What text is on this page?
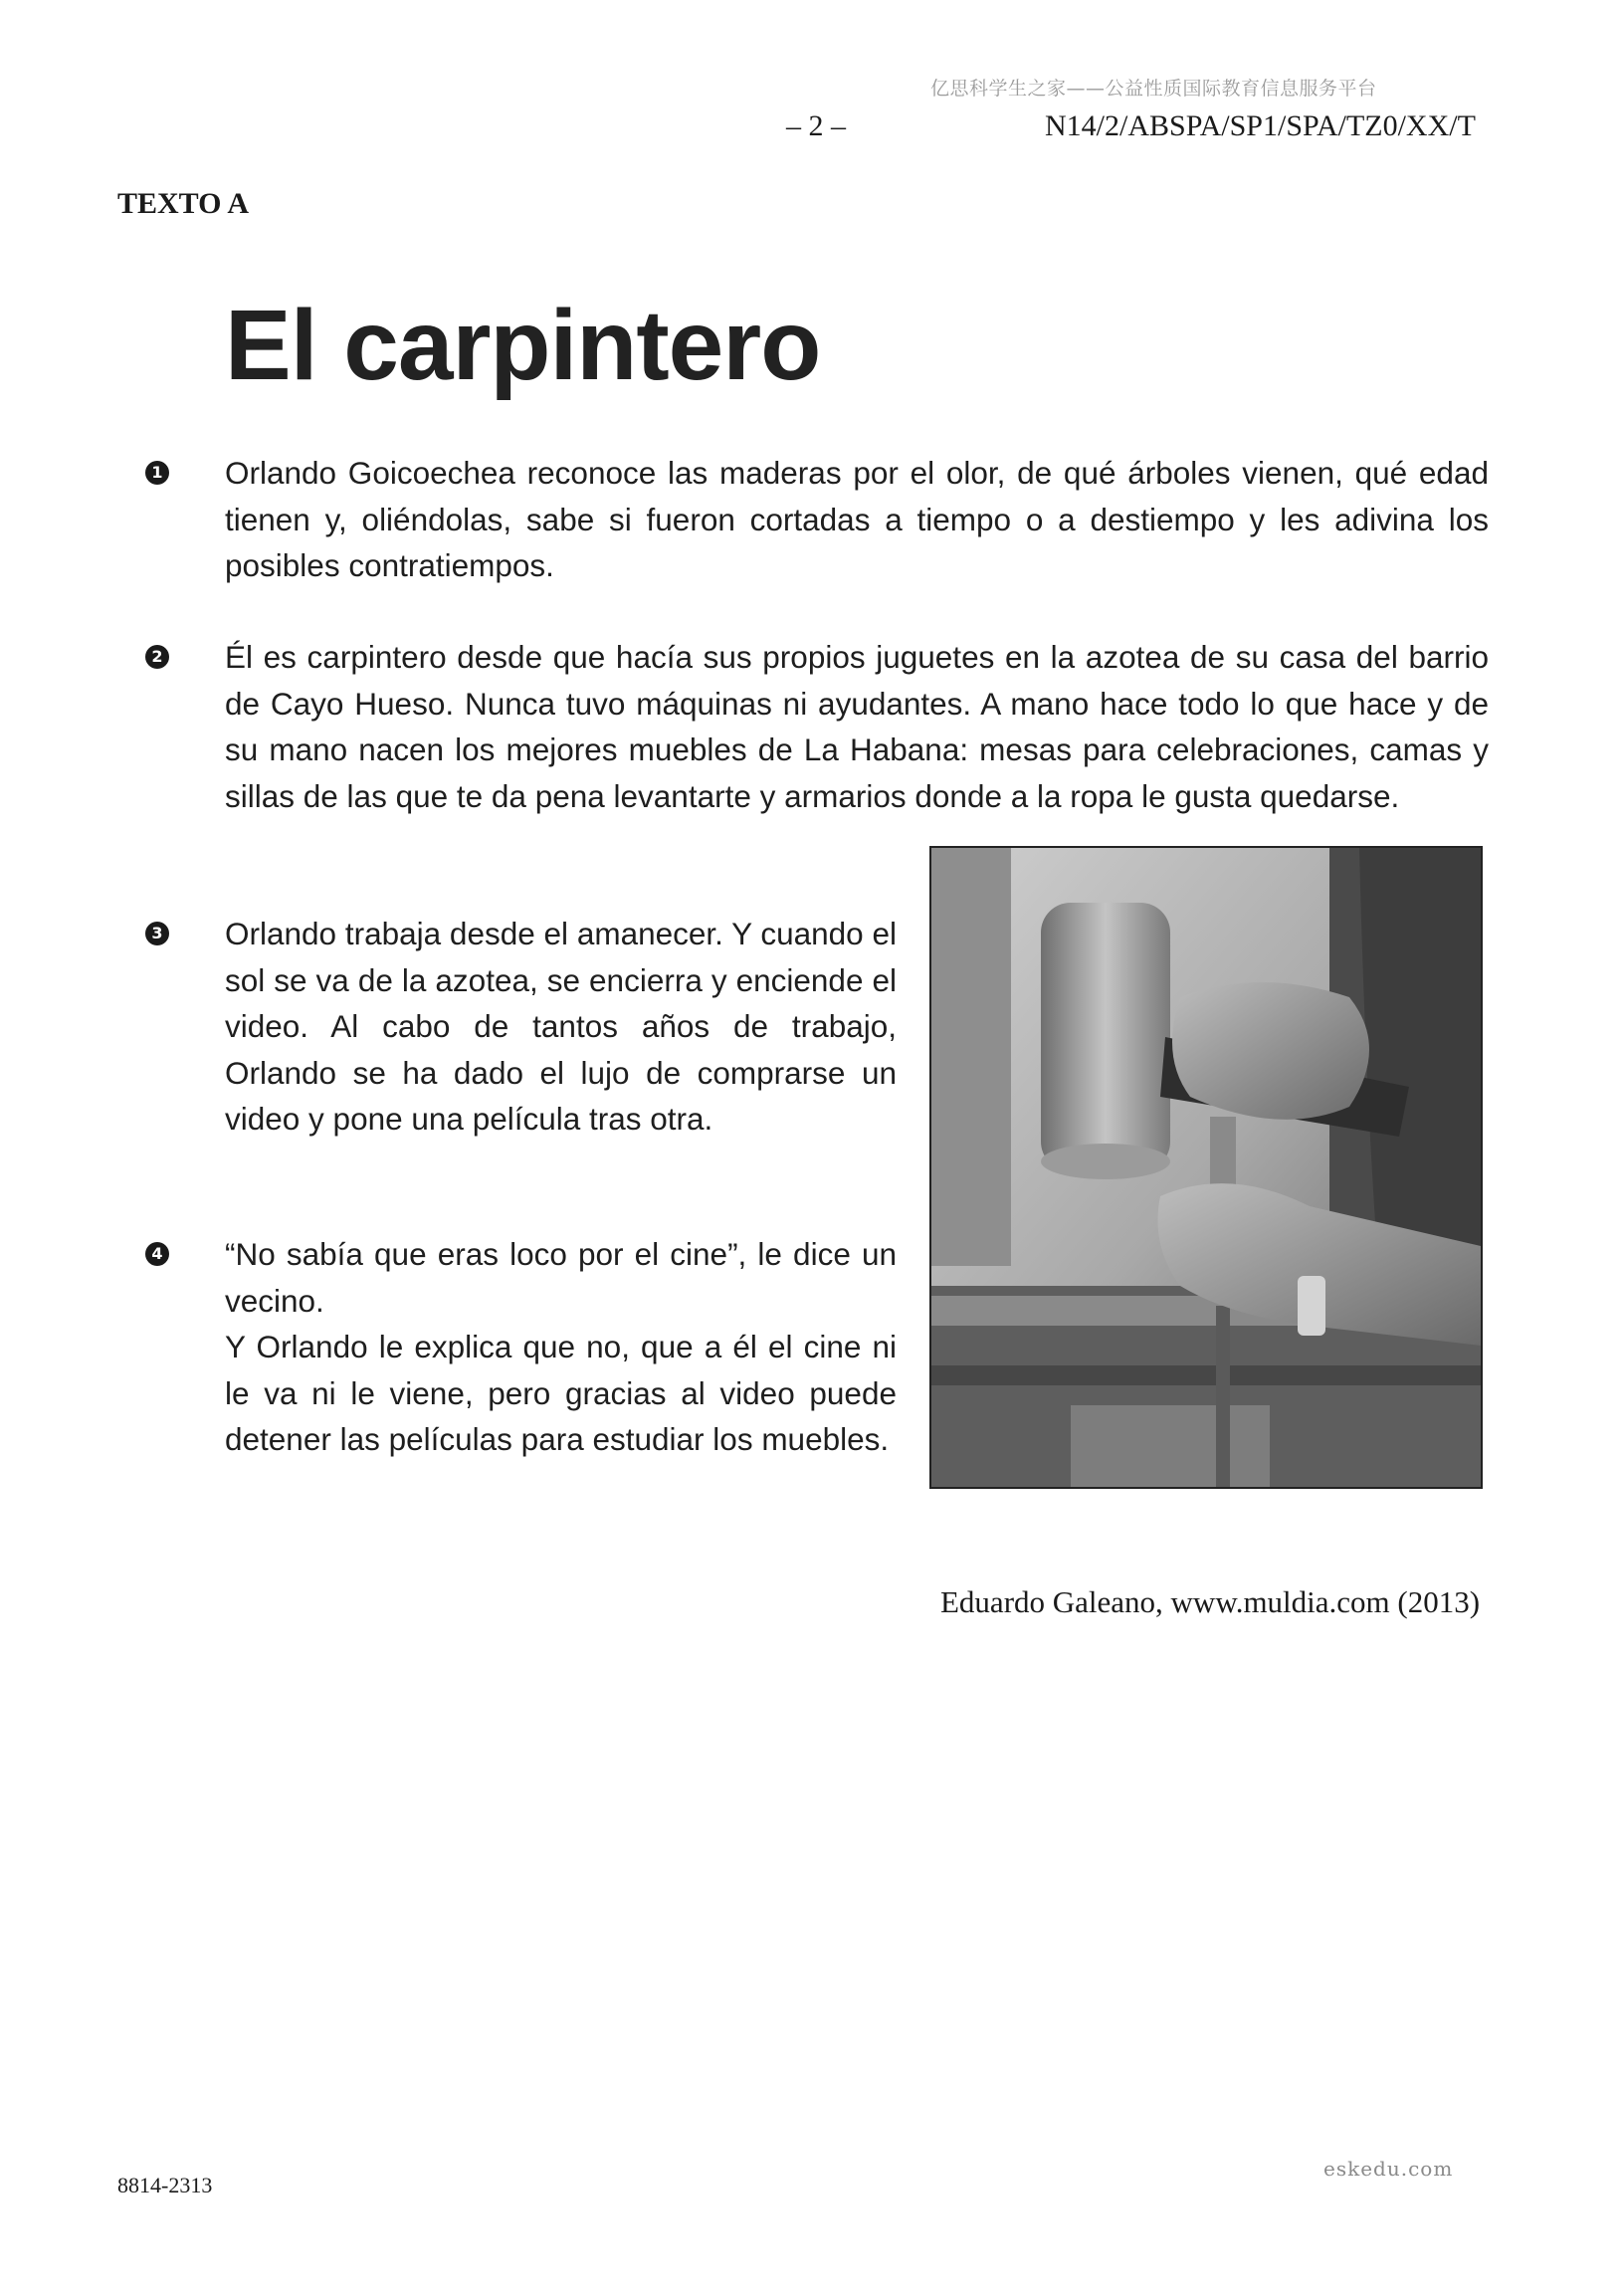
亿思科学生之家——公益性质国际教育信息服务平台
– 2 –	N14/2/ABSPA/SP1/SPA/TZ0/XX/T
TEXTO A
El carpintero
1 Orlando Goicoechea reconoce las maderas por el olor, de qué árboles vienen, qué edad tienen y, oliéndolas, sabe si fueron cortadas a tiempo o a destiempo y les adivina los posibles contratiempos.
2 Él es carpintero desde que hacía sus propios juguetes en la azotea de su casa del barrio de Cayo Hueso. Nunca tuvo máquinas ni ayudantes. A mano hace todo lo que hace y de su mano nacen los mejores muebles de La Habana: mesas para celebraciones, camas y sillas de las que te da pena levantarte y armarios donde a la ropa le gusta quedarse.
3 Orlando trabaja desde el amanecer. Y cuando el sol se va de la azotea, se encierra y enciende el video. Al cabo de tantos años de trabajo, Orlando se ha dado el lujo de comprarse un video y pone una película tras otra.
4 “No sabía que eras loco por el cine”, le dice un vecino.
Y Orlando le explica que no, que a él el cine ni le va ni le viene, pero gracias al video puede detener las películas para estudiar los muebles.
Eduardo Galeano, www.muldia.com (2013)
8814-2313
eskedu.com
